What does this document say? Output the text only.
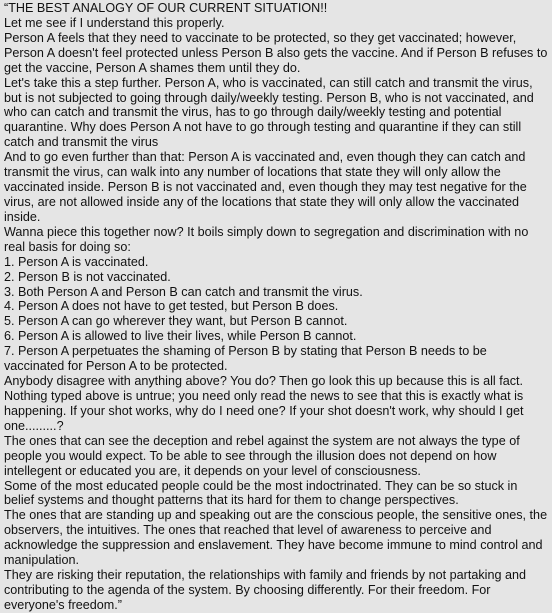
“THE BEST ANALOGY OF OUR CURRENT SITUATION!!

Let me see if I understand this properly.

Person A feels that they need to vaccinate to be protected, so they get vaccinated; however, Person A doesn't feel protected unless Person B also gets the vaccine. And if Person B refuses to get the vaccine, Person A shames them until they do.

Let's take this a step further. Person A, who is vaccinated, can still catch and transmit the virus, but is not subjected to going through daily/weekly testing. Person B, who is not vaccinated, and who can catch and transmit the virus, has to go through daily/weekly testing and potential quarantine. Why does Person A not have to go through testing and quarantine if they can still catch and transmit the virus

And to go even further than that: Person A is vaccinated and, even though they can catch and transmit the virus, can walk into any number of locations that state they will only allow the vaccinated inside. Person B is not vaccinated and, even though they may test negative for the virus, are not allowed inside any of the locations that state they will only allow the vaccinated inside.

Wanna piece this together now? It boils simply down to segregation and discrimination with no real basis for doing so:

1. Person A is vaccinated.

2. Person B is not vaccinated.

3. Both Person A and Person B can catch and transmit the virus.

4. Person A does not have to get tested, but Person B does.

5. Person A can go wherever they want, but Person B cannot.

6. Person A is allowed to live their lives, while Person B cannot.

7. Person A perpetuates the shaming of Person B by stating that Person B needs to be vaccinated for Person A to be protected.

Anybody disagree with anything above? You do? Then go look this up because this is all fact. Nothing typed above is untrue; you need only read the news to see that this is exactly what is happening. If your shot works, why do I need one? If your shot doesn't work, why should I get one.........?

The ones that can see the deception and rebel against the system are not always the type of people you would expect. To be able to see through the illusion does not depend on how intellegent or educated you are, it depends on your level of consciousness.

Some of the most educated people could be the most indoctrinated. They can be so stuck in belief systems and thought patterns that its hard for them to change perspectives.

The ones that are standing up and speaking out are the conscious people, the sensitive ones, the observers, the intuitives. The ones that reached that level of awareness to perceive and acknowledge the suppression and enslavement. They have become immune to mind control and manipulation.

They are risking their reputation, the relationships with family and friends by not partaking and contributing to the agenda of the system. By choosing differently. For their freedom. For everyone's freedom.”
